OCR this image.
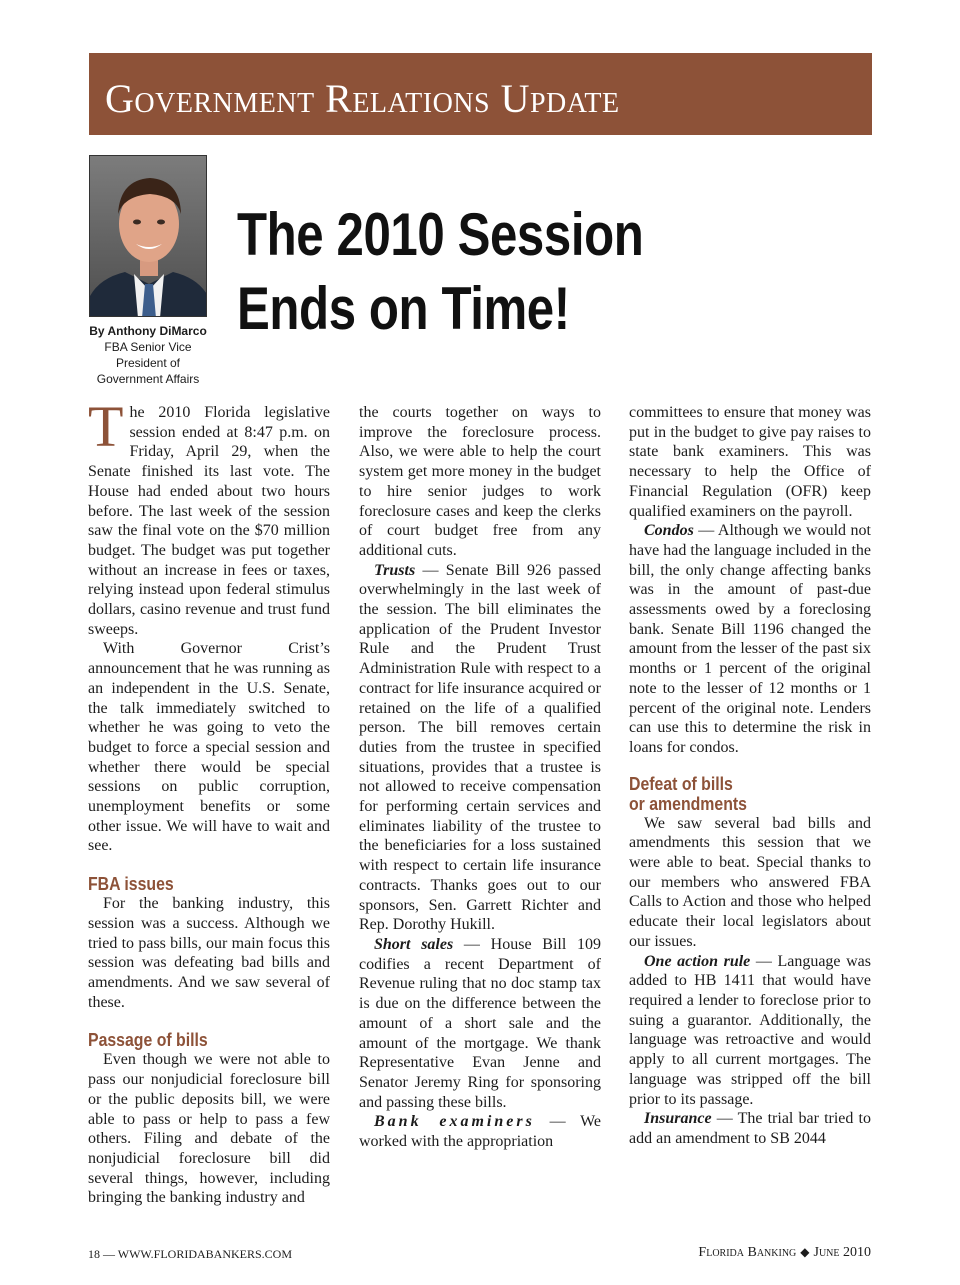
Government Relations Update
By Anthony DiMarco
FBA Senior Vice
President of
Government Affairs
The 2010 Session
Ends on Time!

The 2010 Florida legislative session ended at 8:47 p.m. on Friday, April 29, when the Senate finished its last vote. The House had ended about two hours before. The last week of the session saw the final vote on the $70 million budget. The budget was put together without an increase in fees or taxes, relying instead upon federal stimulus dollars, casino revenue and trust fund sweeps.

With Governor Crist’s announcement that he was running as an independent in the U.S. Senate, the talk immediately switched to whether he was going to veto the budget to force a special session and whether there would be special sessions on public corruption, unemployment benefits or some other issue. We will have to wait and see.

FBA issues

For the banking industry, this session was a success. Although we tried to pass bills, our main focus this session was defeating bad bills and amendments. And we saw several of these.

Passage of bills

Even though we were not able to pass our nonjudicial foreclosure bill or the public deposits bill, we were able to pass or help to pass a few others. Filing and debate of the nonjudicial foreclosure bill did several things, however, including bringing the banking industry and

the courts together on ways to improve the foreclosure process. Also, we were able to help the court system get more money in the budget to hire senior judges to work foreclosure cases and keep the clerks of court budget free from any additional cuts.

Trusts — Senate Bill 926 passed overwhelmingly in the last week of the session. The bill eliminates the application of the Prudent Investor Rule and the Prudent Trust Administration Rule with respect to a contract for life insurance acquired or retained on the life of a qualified person. The bill removes certain duties from the trustee in specified situations, provides that a trustee is not allowed to receive compensation for performing certain services and eliminates liability of the trustee to the beneficiaries for a loss sustained with respect to certain life insurance contracts. Thanks goes out to our sponsors, Sen. Garrett Richter and Rep. Dorothy Hukill.

Short sales — House Bill 109 codifies a recent Department of Revenue ruling that no doc stamp tax is due on the difference between the amount of a short sale and the amount of the mortgage. We thank Representative Evan Jenne and Senator Jeremy Ring for sponsoring and passing these bills.

Bank examiners — We worked with the appropriation

committees to ensure that money was put in the budget to give pay raises to state bank examiners. This was necessary to help the Office of Financial Regulation (OFR) keep qualified examiners on the payroll.

Condos — Although we would not have had the language included in the bill, the only change affecting banks was in the amount of past-due assessments owed by a foreclosing bank. Senate Bill 1196 changed the amount from the lesser of the past six months or 1 percent of the original note to the lesser of 12 months or 1 percent of the original note. Lenders can use this to determine the risk in loans for condos.

Defeat of bills
or amendments

We saw several bad bills and amendments this session that we were able to beat. Special thanks to our members who answered FBA Calls to Action and those who helped educate their local legislators about our issues.

One action rule — Language was added to HB 1411 that would have required a lender to foreclose prior to suing a guarantor. Additionally, the language was retroactive and would apply to all current mortgages. The language was stripped off the bill prior to its passage.

Insurance — The trial bar tried to add an amendment to SB 2044

18 — WWW.FLORIDABANKERS.COM	Florida Banking ◆ June 2010
